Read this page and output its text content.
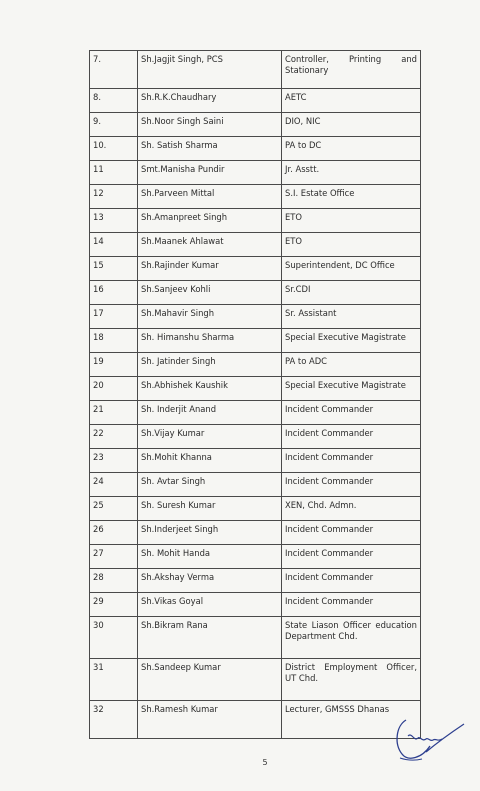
7.	Sh.Jagjit Singh, PCS	Controller, Printing and Stationary
8.	Sh.R.K.Chaudhary	AETC
9.	Sh.Noor Singh Saini	DIO, NIC
10.	Sh. Satish Sharma	PA to DC
11	Smt.Manisha Pundir	Jr. Asstt.
12	Sh.Parveen Mittal	S.I. Estate Office
13	Sh.Amanpreet Singh	ETO
14	Sh.Maanek Ahlawat	ETO
15	Sh.Rajinder Kumar	Superintendent, DC Office
16	Sh.Sanjeev Kohli	Sr.CDI
17	Sh.Mahavir Singh	Sr. Assistant
18	Sh. Himanshu Sharma	Special Executive Magistrate
19	Sh. Jatinder Singh	PA to ADC
20	Sh.Abhishek Kaushik	Special Executive Magistrate
21	Sh. Inderjit Anand	Incident Commander
22	Sh.Vijay Kumar	Incident Commander
23	Sh.Mohit Khanna	Incident Commander
24	Sh. Avtar Singh	Incident Commander
25	Sh. Suresh Kumar	XEN, Chd. Admn.
26	Sh.Inderjeet Singh	Incident Commander
27	Sh. Mohit Handa	Incident Commander
28	Sh.Akshay Verma	Incident Commander
29	Sh.Vikas Goyal	Incident Commander
30	Sh.Bikram Rana	State Liason Officer education Department Chd.
31	Sh.Sandeep Kumar	District Employment Officer, UT Chd.
32	Sh.Ramesh Kumar	Lecturer, GMSSS Dhanas
5
